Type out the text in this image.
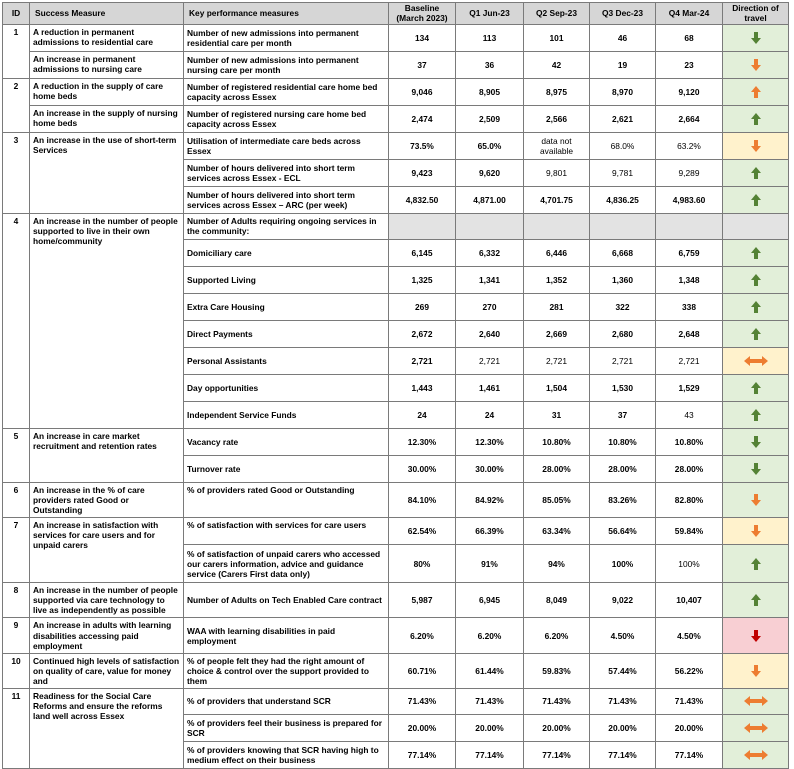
ID	Success Measure	Key performance measures	Baseline
(March 2023)	Q1 Jun-23	Q2 Sep-23	Q3 Dec-23	Q4 Mar-24	Direction of travel
1	A reduction in permanent admissions to residential care	Number of new admissions into permanent residential care per month	134	113	101	46	68	
	An increase in permanent admissions to nursing care	Number of new admissions into permanent nursing care per month	37	36	42	19	23	
2	A reduction in the supply of care home beds	Number of registered residential care home bed capacity across Essex	9,046	8,905	8,975	8,970	9,120	
	An increase in the supply of nursing home beds	Number of registered nursing care home bed capacity across Essex	2,474	2,509	2,566	2,621	2,664	
3	An increase in the use of short-term Services	Utilisation of intermediate care beds across Essex	73.5%	65.0%	data not available	68.0%	63.2%	
		Number of hours delivered into short term services across Essex - ECL	9,423	9,620	9,801	9,781	9,289	
		Number of hours delivered into short term services across Essex – ARC (per week)	4,832.50	4,871.00	4,701.75	4,836.25	4,983.60	
4	An increase in the number of people supported to live in their own home/community	Number of Adults requiring ongoing services in the community:						
		Domiciliary care	6,145	6,332	6,446	6,668	6,759	
		Supported Living	1,325	1,341	1,352	1,360	1,348	
		Extra Care Housing	269	270	281	322	338	
		Direct Payments	2,672	2,640	2,669	2,680	2,648	
		Personal Assistants	2,721	2,721	2,721	2,721	2,721	
		Day opportunities	1,443	1,461	1,504	1,530	1,529	
		Independent Service Funds	24	24	31	37	43	
5	An increase in care market recruitment and retention rates	Vacancy rate	12.30%	12.30%	10.80%	10.80%	10.80%	
		Turnover rate	30.00%	30.00%	28.00%	28.00%	28.00%	
6	An increase in the % of care providers rated Good or Outstanding	% of providers rated Good or Outstanding	84.10%	84.92%	85.05%	83.26%	82.80%	
7	An increase in satisfaction with services for care users and for unpaid carers	% of satisfaction with services for care users	62.54%	66.39%	63.34%	56.64%	59.84%	
		% of satisfaction of unpaid carers who accessed our carers information, advice and guidance service (Carers First data only)	80%	91%	94%	100%	100%	
8	An increase in the number of people supported via care technology to live as independently as possible	Number of Adults on Tech Enabled Care contract	5,987	6,945	8,049	9,022	10,407	
9	An increase in adults with learning disabilities accessing paid employment	WAA with learning disabilities in paid employment	6.20%	6.20%	6.20%	4.50%	4.50%	
10	Continued high levels of satisfaction on quality of care, value for money and	% of people felt they had the right amount of choice & control over the support provided to them	60.71%	61.44%	59.83%	57.44%	56.22%	
11	Readiness for the Social Care Reforms and ensure the reforms land well across Essex	% of providers that understand SCR	71.43%	71.43%	71.43%	71.43%	71.43%	
		% of providers feel their business is prepared for SCR	20.00%	20.00%	20.00%	20.00%	20.00%	
		% of providers knowing that SCR having high to medium effect on their business	77.14%	77.14%	77.14%	77.14%	77.14%	
